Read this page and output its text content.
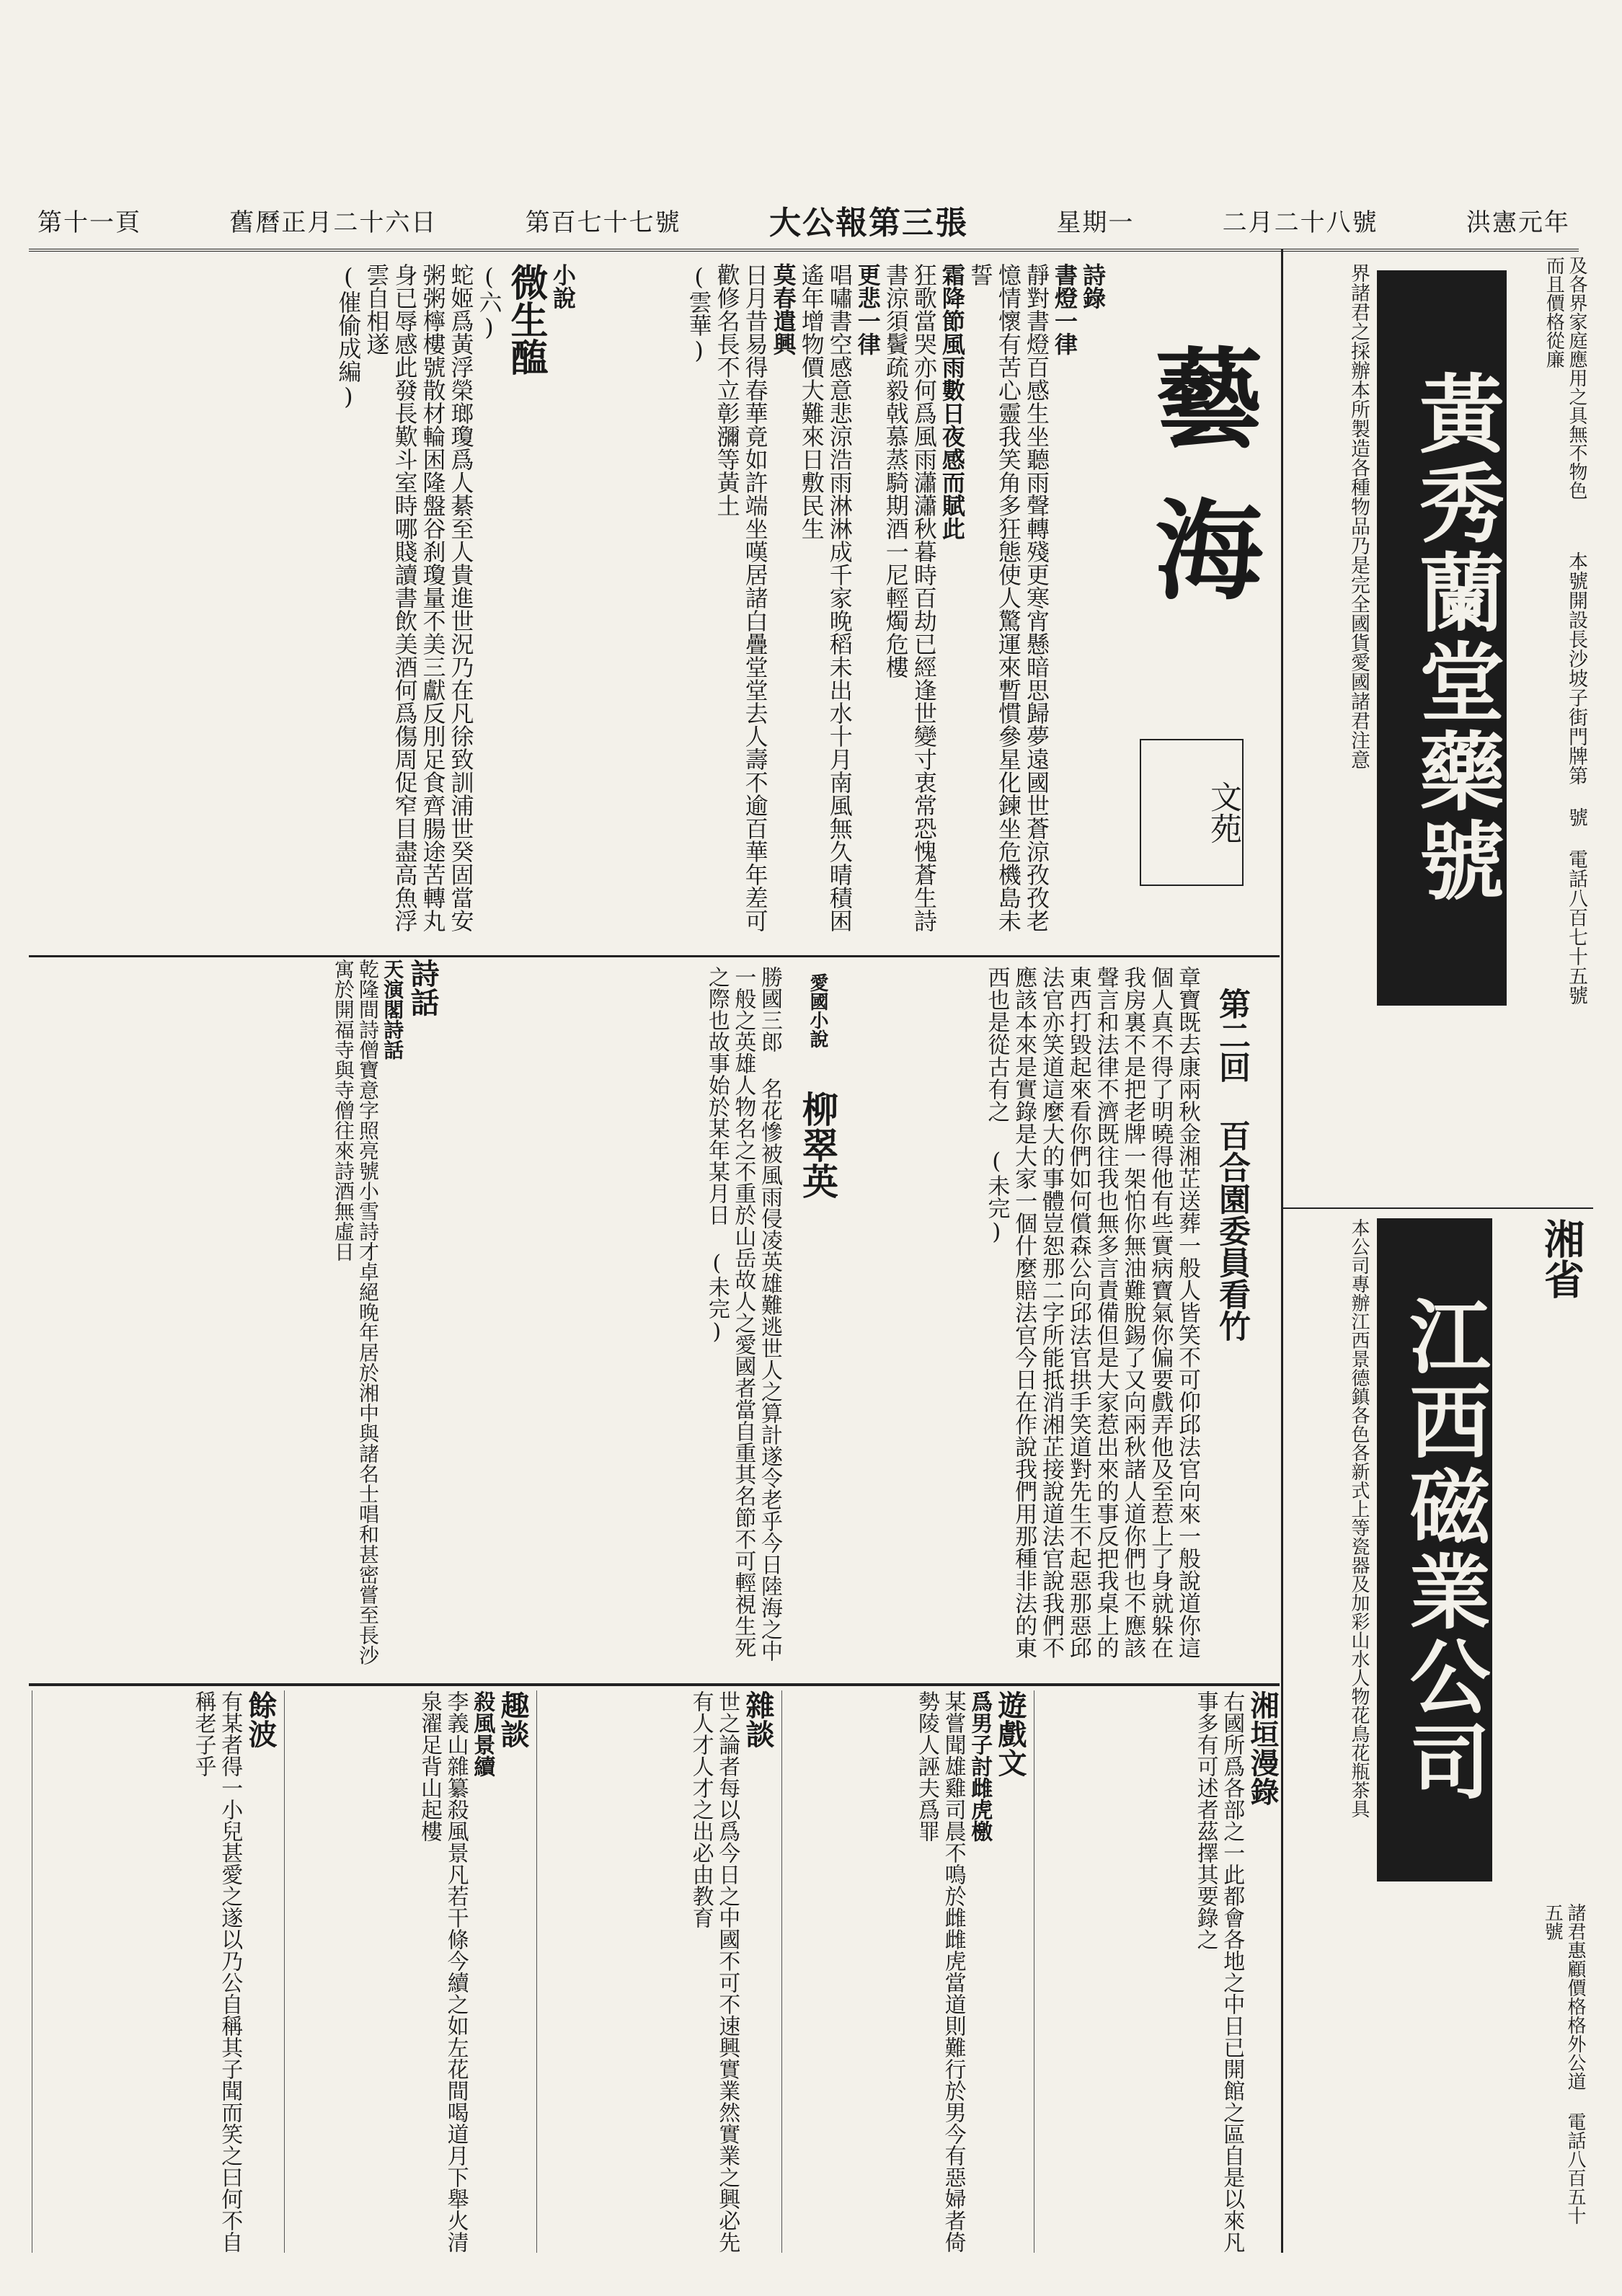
洪憲元年
二月二十八號
星期一
大公報第三張
第百七十七號
舊曆正月二十六日
第十一頁
及各界家庭應用之具無不物色而且價格從廉
本號開設長沙坡子街門牌第 號 電話八百七十五號
黃秀蘭堂藥號
界諸君之採辦本所製造各種物品乃是完全國貨愛國諸君注意
湘省
江西磁業公司
本公司專辦江西景德鎮各色各新式上等瓷器及加彩山水人物花鳥花瓶茶具
諸君惠顧價格格外公道 電話八百五十五號
藝海
文苑
詩錄
書燈一律
靜對書燈百感生坐聽雨聲轉殘更寒宵懸暗思歸夢遠國世蒼涼孜孜老憶情懷有苦心靈我笑角多狂態使人驚運來暫慣參星化鍊坐危機島未誓
霜降節風雨數日夜感而賦此
狂歌當哭亦何爲風雨瀟瀟秋暮時百劫已經逢世變寸衷常恐愧蒼生詩書涼須鬢疏毅戟慕蒸騎期酒一尼輕燭危樓
更悲一律
唱嘯書空感意悲涼浩雨淋淋成千家晚稻未出水十月南風無久晴積困遙年增物價大難來日敷民生
莫春遣興
日月昔易得春華竟如許端坐嘆居諸白疊堂堂去人壽不逾百華年差可歡修名長不立彰瀰等黃土
(雲華)
小說
微生醢
(六)
蛇姬爲黃浮榮瑯瓊爲人綦至人貴進世況乃在凡徐致訓浦世癸固當安粥粥檸樓號散材輪困隆盤谷刹瓊量不美三獻反刖足食齊腸途苦轉丸身已辱感此發長歎斗室時哪賤讀書飲美酒何爲傷周促窄目盡高魚浮雲自相遂
(催偷成編)
第二回 百合園委員看竹
章寶既去康兩秋金湘芷送葬一般人皆笑不可仰邱法官向來一般說道你這個人真不得了明曉得他有些實病寶氣你偏要戲弄他及至惹上了身就躲在我房裏不是把老牌一架怕你無油難脫錫了又向兩秋諸人道你們也不應該聲言和法律不濟既往我也無多言責備但是大家惹出來的事反把我桌上的東西打毀起來看你們如何償森公向邱法官拱手笑道對先生不起惡那惡邱法官亦笑道這麼大的事體豈恕那二字所能抵消湘芷接說道法官說我們不應該本來是實錄是大家一個什麼賠法官今日在作說我們用那種非法的東西也是從古有之 (未完)
愛國小說 柳翠英
勝國三郎 名花慘被風雨侵凌英雄難逃世人之算計遂令老乎今日陸海之中一般之英雄人物名之不重於山岳故人之愛國者當自重其名節不可輕視生死之際也故事始於某年某月日 (未完)
詩話
天演閣詩話
乾隆間詩僧寶意字照亮號小雪詩才卓絕晚年居於湘中與諸名士唱和甚密嘗至長沙寓於開福寺與寺僧往來詩酒無虛日
湘垣漫錄
右國所爲各部之一此都會各地之中日已開館之區自是以來凡事多有可述者茲擇其要錄之
遊戲文
爲男子討雌虎檄
某嘗聞雄雞司晨不鳴於雌雌虎當道則難行於男今有惡婦者倚勢陵人誣夫爲罪
雜談
世之論者每以爲今日之中國不可不速興實業然實業之興必先有人才人才之出必由教育
趣談
殺風景續
李義山雜纂殺風景凡若干條今續之如左花間喝道月下舉火清泉濯足背山起樓
餘波
有某者得一小兒甚愛之遂以乃公自稱其子聞而笑之曰何不自稱老子乎
